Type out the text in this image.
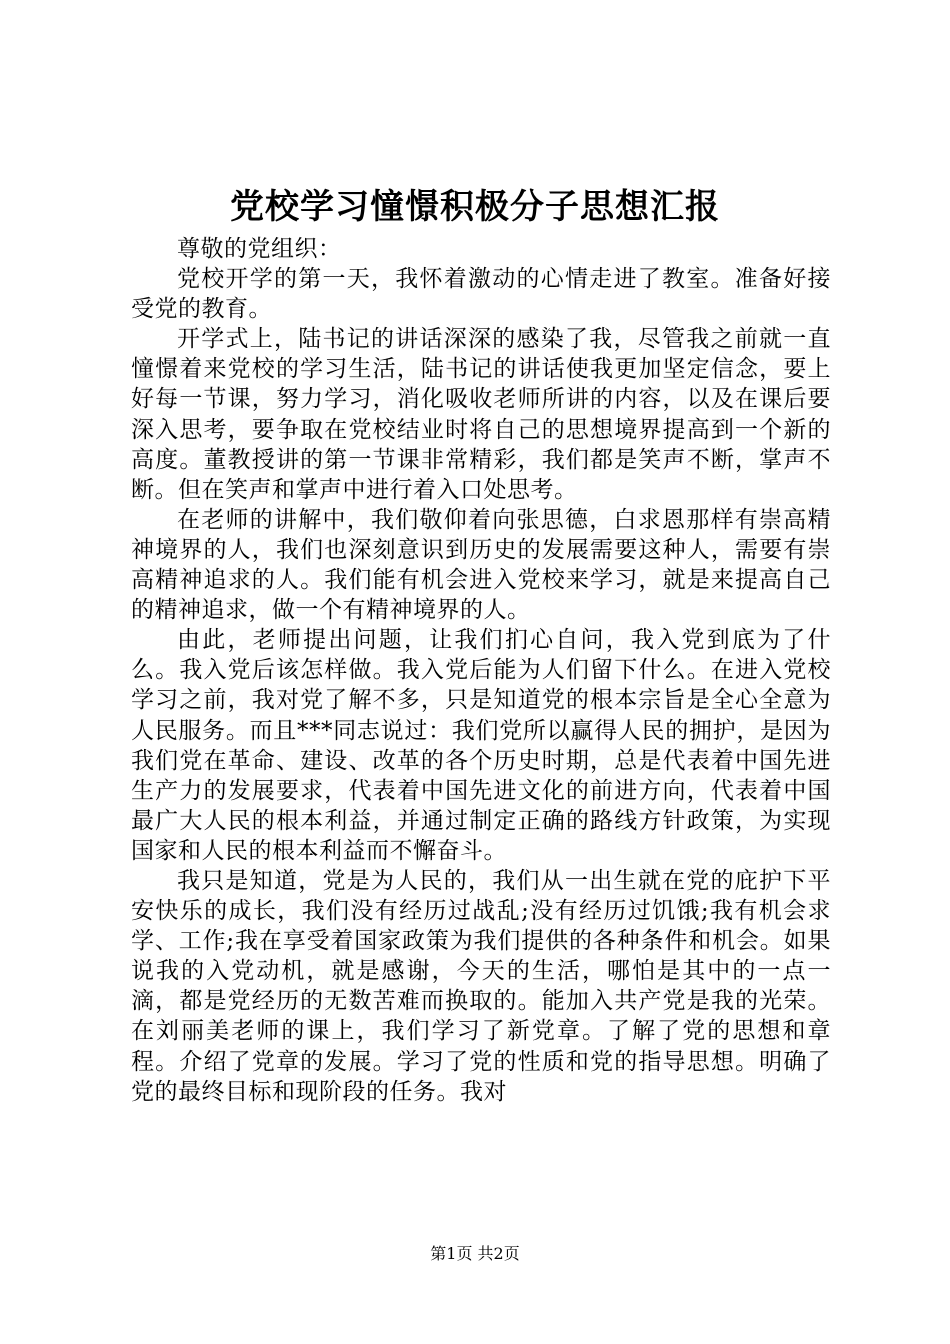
党校学习憧憬积极分子思想汇报

尊敬的党组织：

党校开学的第一天，我怀着激动的心情走进了教室。准备好接受党的教育。

开学式上，陆书记的讲话深深的感染了我，尽管我之前就一直憧憬着来党校的学习生活，陆书记的讲话使我更加坚定信念，要上好每一节课，努力学习，消化吸收老师所讲的内容，以及在课后要深入思考，要争取在党校结业时将自己的思想境界提高到一个新的高度。董教授讲的第一节课非常精彩，我们都是笑声不断，掌声不断。但在笑声和掌声中进行着入口处思考。

在老师的讲解中，我们敬仰着向张思德，白求恩那样有崇高精神境界的人，我们也深刻意识到历史的发展需要这种人，需要有崇高精神追求的人。我们能有机会进入党校来学习，就是来提高自己的精神追求，做一个有精神境界的人。

由此，老师提出问题，让我们扪心自问，我入党到底为了什么。我入党后该怎样做。我入党后能为人们留下什么。在进入党校学习之前，我对党了解不多，只是知道党的根本宗旨是全心全意为人民服务。而且***同志说过：我们党所以赢得人民的拥护，是因为我们党在革命、建设、改革的各个历史时期，总是代表着中国先进生产力的发展要求，代表着中国先进文化的前进方向，代表着中国最广大人民的根本利益，并通过制定正确的路线方针政策，为实现国家和人民的根本利益而不懈奋斗。

我只是知道，党是为人民的，我们从一出生就在党的庇护下平安快乐的成长，我们没有经历过战乱;没有经历过饥饿;我有机会求学、工作;我在享受着国家政策为我们提供的各种条件和机会。如果说我的入党动机，就是感谢，今天的生活，哪怕是其中的一点一滴，都是党经历的无数苦难而换取的。能加入共产党是我的光荣。在刘丽美老师的课上，我们学习了新党章。了解了党的思想和章程。介绍了党章的发展。学习了党的性质和党的指导思想。明确了党的最终目标和现阶段的任务。我对

第1页 共2页
